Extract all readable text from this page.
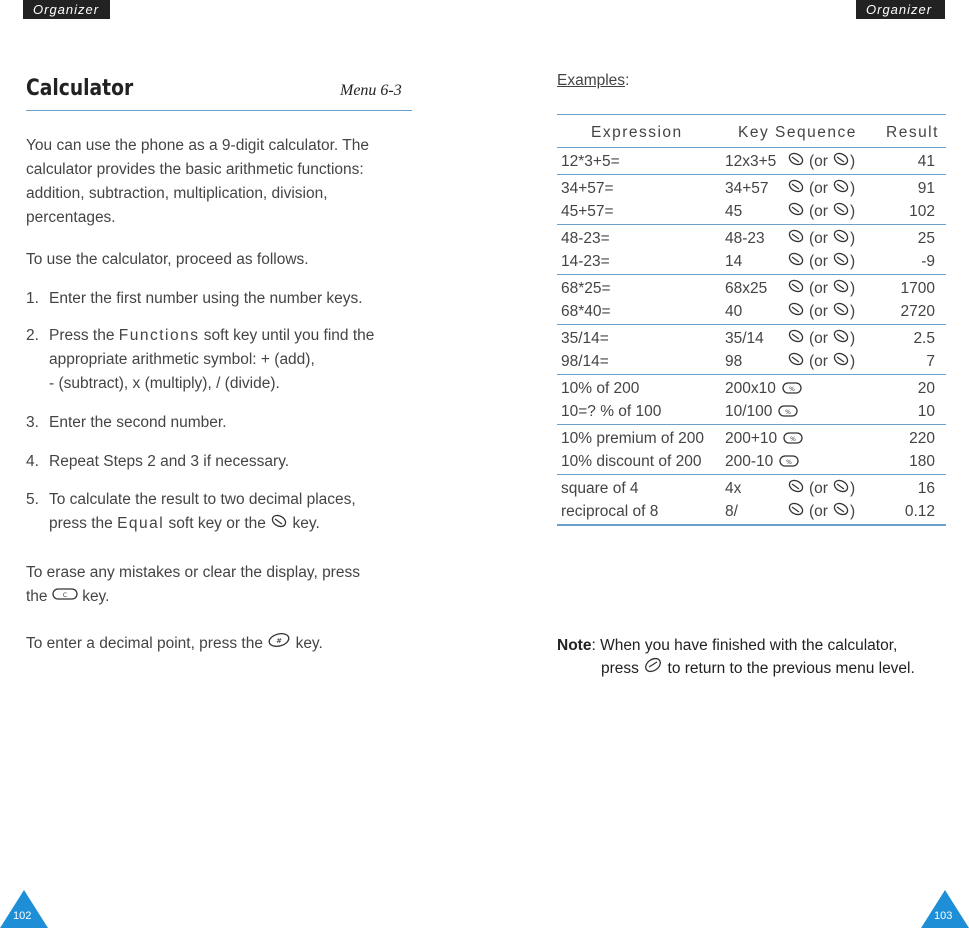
Organizer	Organizer
Calculator	Menu 6-3
You can use the phone as a 9-digit calculator. The calculator provides the basic arithmetic functions: addition, subtraction, multiplication, division, percentages.
To use the calculator, proceed as follows.
1. Enter the first number using the number keys.
2. Press the Functions soft key until you find the appropriate arithmetic symbol: + (add),
- (subtract), x (multiply), / (divide).
3. Enter the second number.
4. Repeat Steps 2 and 3 if necessary.
5. To calculate the result to two decimal places,
press the Equal soft key or the  key.
To erase any mistakes or clear the display, press
the	C key.
To enter a decimal point, press the # key.
Examples:
Expression	Key Sequence Result
12*3+5=	12x3+5	(or )	41
34+57=	34+57	(or )	91
45+57=	45	(or )	102
48-23=	48-23	(or )	25
14-23=	14	(or )	-9
68*25=	68x25	(or )	1700
68*40=	40	(or )	2720
35/14=	35/14	(or )	2.5
98/14=	98	(or )	7
10% of 200	200x10 %	20
10=? % of 100	10/100 %	10
10% premium of 200 200+10 %	220
10% discount of 200 200-10 %	180
square of 4	4x	(or )	16
reciprocal of 8	8/	(or )	0.12
Note: When you have finished with the calculator,
press to return to the previous menu level.
102	103
